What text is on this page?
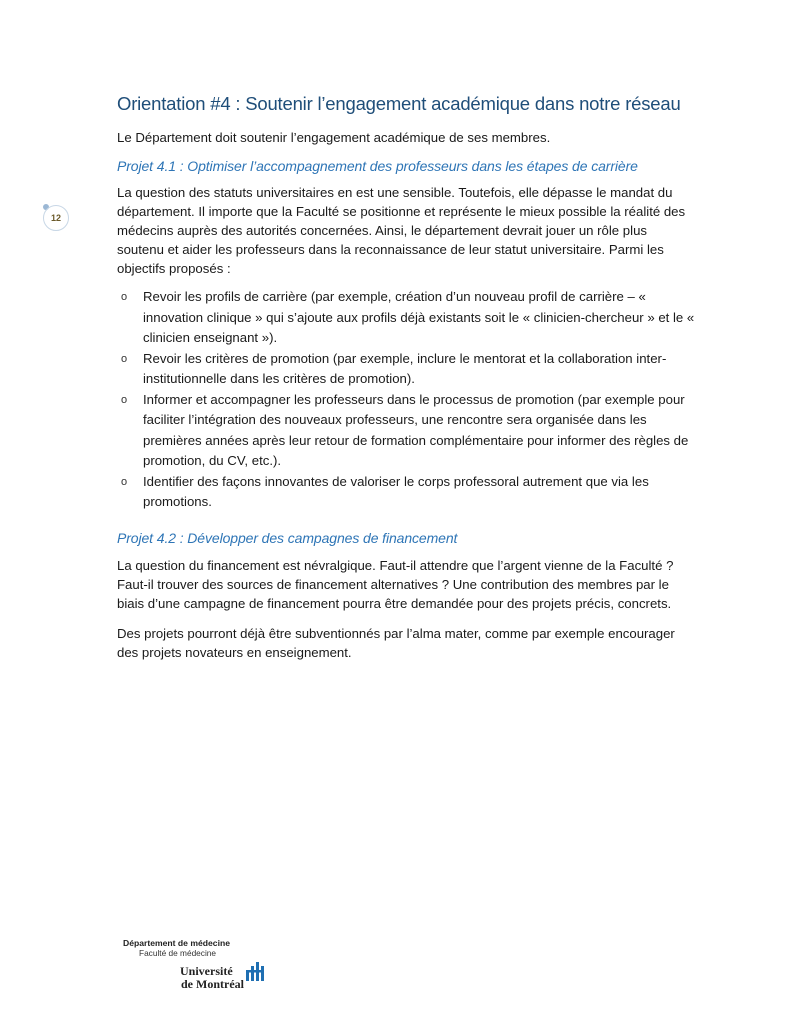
12
Orientation #4 : Soutenir l’engagement académique dans notre réseau
Le Département doit soutenir l’engagement académique de ses membres.
Projet 4.1 : Optimiser l’accompagnement des professeurs dans les étapes de carrière
La question des statuts universitaires en est une sensible. Toutefois, elle dépasse le mandat du département. Il importe que la Faculté se positionne et représente le mieux possible la réalité des médecins auprès des autorités concernées. Ainsi, le département devrait jouer un rôle plus soutenu et aider les professeurs dans la reconnaissance de leur statut universitaire. Parmi les objectifs proposés :
o Revoir les profils de carrière (par exemple, création d’un nouveau profil de carrière – « innovation clinique » qui s’ajoute aux profils déjà existants soit le « clinicien-chercheur » et le « clinicien enseignant »).
o Revoir les critères de promotion (par exemple, inclure le mentorat et la collaboration inter-institutionnelle dans les critères de promotion).
o Informer et accompagner les professeurs dans le processus de promotion (par exemple pour faciliter l’intégration des nouveaux professeurs, une rencontre sera organisée dans les premières années après leur retour de formation complémentaire pour informer des règles de promotion, du CV, etc.).
o Identifier des façons innovantes de valoriser le corps professoral autrement que via les promotions.
Projet 4.2 : Développer des campagnes de financement
La question du financement est névralgique. Faut-il attendre que l’argent vienne de la Faculté ? Faut-il trouver des sources de financement alternatives ? Une contribution des membres par le biais d’une campagne de financement pourra être demandée pour des projets précis, concrets.
Des projets pourront déjà être subventionnés par l’alma mater, comme par exemple encourager des projets novateurs en enseignement.
Département de médecine
Faculté de médecine
Université
de Montréal
